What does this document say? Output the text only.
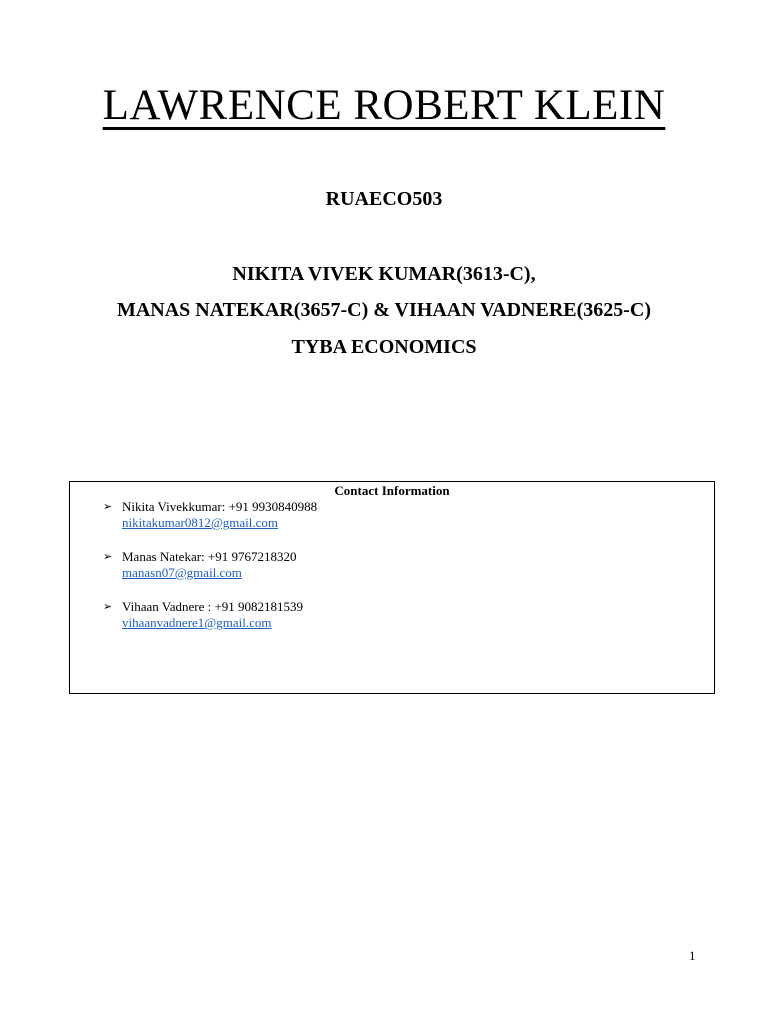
LAWRENCE ROBERT KLEIN
RUAECO503
NIKITA VIVEK KUMAR(3613-C),
MANAS NATEKAR(3657-C) & VIHAAN VADNERE(3625-C)
TYBA ECONOMICS
Contact Information
➢ Nikita Vivekkumar: +91 9930840988
nikitakumar0812@gmail.com
➢ Manas Natekar: +91 9767218320
manasn07@gmail.com
➢ Vihaan Vadnere : +91 9082181539
vihaanvadnere1@gmail.com
1
